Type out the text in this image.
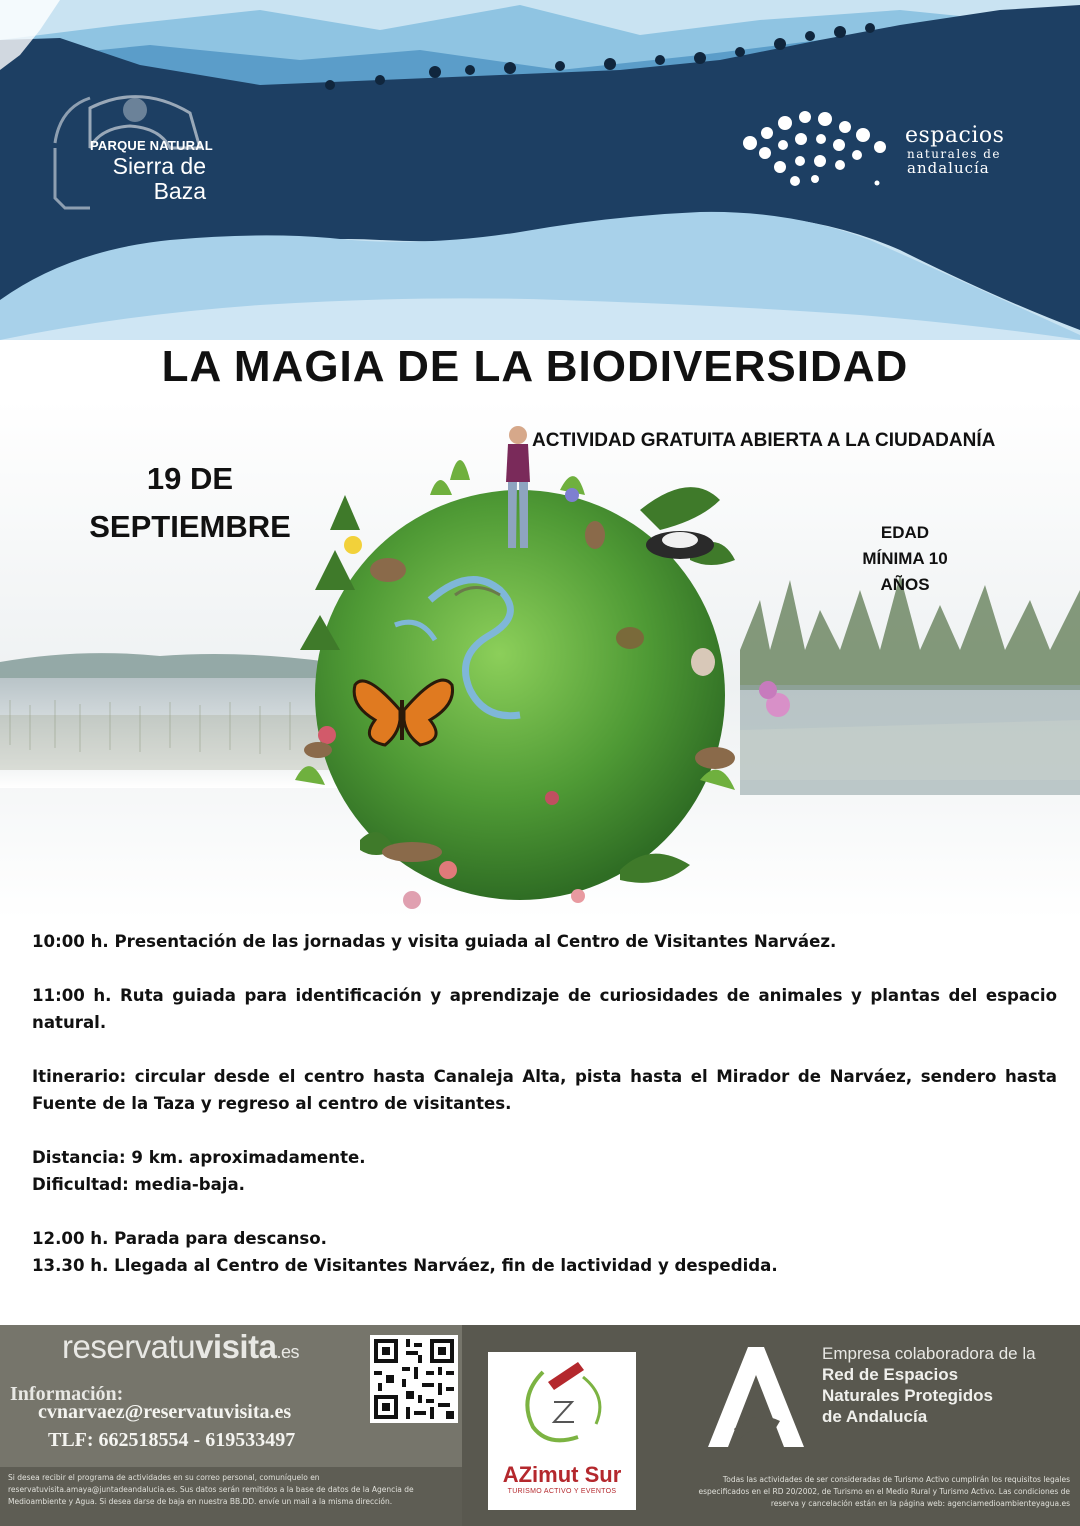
PARQUE NATURAL
Sierra de
Baza
espacios
naturales de
andalucía
LA MAGIA DE LA BIODIVERSIDAD
ACTIVIDAD GRATUITA ABIERTA A LA CIUDADANÍA
19 DE
SEPTIEMBRE	EDAD
MÍNIMA 10
AÑOS

10:00 h. Presentación de las jornadas y visita guiada al Centro de Visitantes Narváez.

11:00 h. Ruta guiada para identificación y aprendizaje de curiosidades de animales y plantas del espacio natural.

Itinerario: circular desde el centro hasta Canaleja Alta, pista hasta el Mirador de Narváez, sendero hasta Fuente de la Taza y regreso al centro de visitantes.

Distancia: 9 km. aproximadamente.

Dificultad: media-baja.

12.00 h. Parada para descanso.

13.30 h. Llegada al Centro de Visitantes Narváez, fin de lactividad y despedida.

reservatuvisita.es
Información:
cvnarvaez@reservatuvisita.es
TLF: 662518554 - 619533497
AZimut Sur
TURISMO ACTIVO Y EVENTOS
Empresa colaboradora de la
Red de Espacios
Naturales Protegidos
de Andalucía
Si desea recibir el programa de actividades en su correo personal, comuníquelo en reservatuvisita.amaya@juntadeandalucia.es. Sus datos serán remitidos a la base de datos de la Agencia de Medioambiente y Agua. Si desea darse de baja en nuestra BB.DD. envíe un mail a la misma dirección.
Todas las actividades de ser consideradas de Turismo Activo cumplirán los requisitos legales especificados en el RD 20/2002, de Turismo en el Medio Rural y Turismo Activo. Las condiciones de reserva y cancelación están en la página web: agenciamedioambienteyagua.es
